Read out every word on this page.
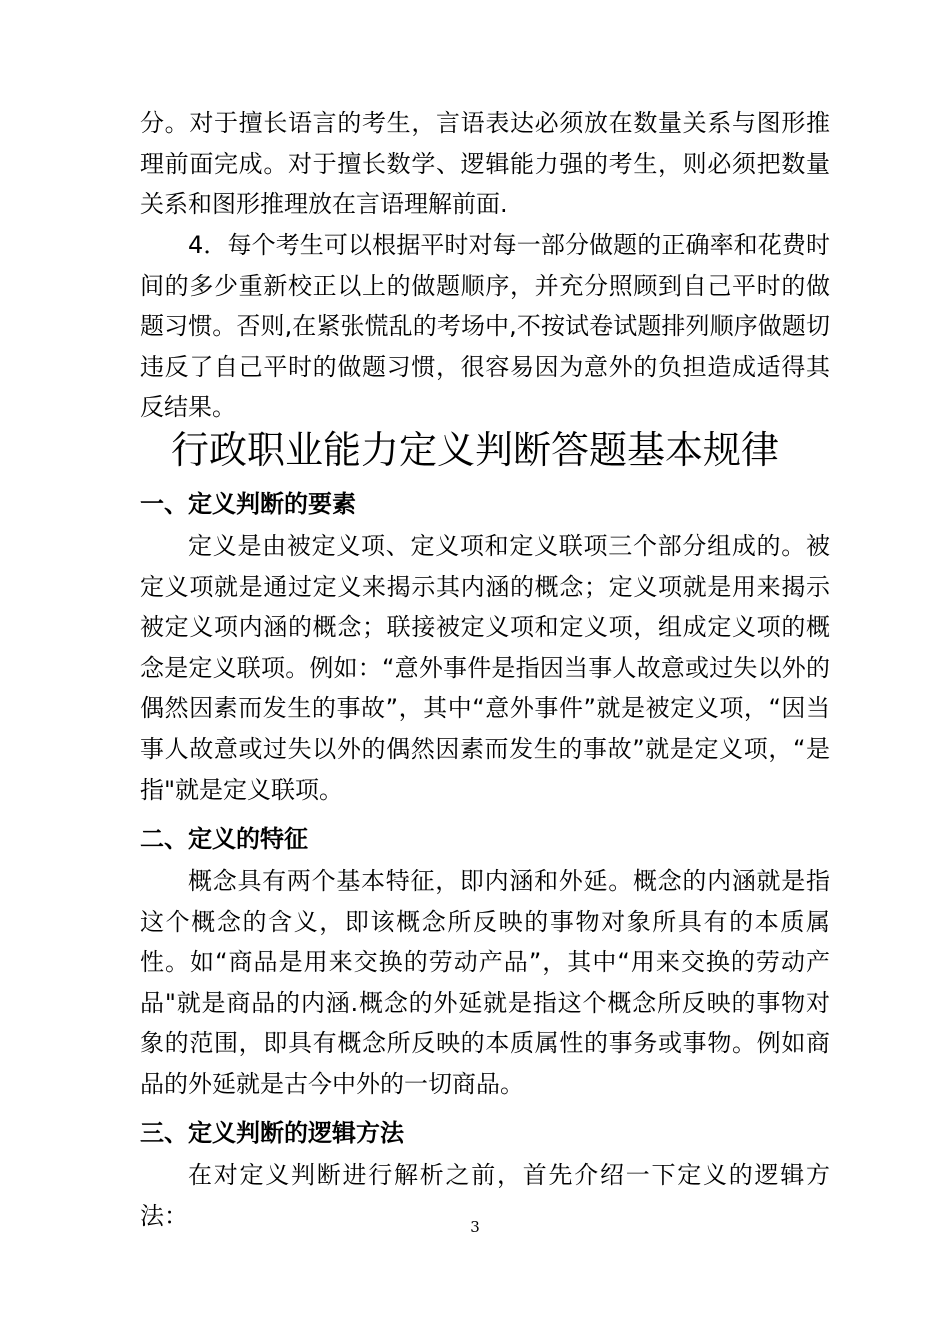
分。对于擅长语言的考生，言语表达必须放在数量关系与图形推理前面完成。对于擅长数学、逻辑能力强的考生，则必须把数量关系和图形推理放在言语理解前面.

4．每个考生可以根据平时对每一部分做题的正确率和花费时间的多少重新校正以上的做题顺序，并充分照顾到自己平时的做题习惯。否则,在紧张慌乱的考场中,不按试卷试题排列顺序做题切违反了自己平时的做题习惯，很容易因为意外的负担造成适得其反结果。

行政职业能力定义判断答题基本规律
一、定义判断的要素

定义是由被定义项、定义项和定义联项三个部分组成的。被定义项就是通过定义来揭示其内涵的概念；定义项就是用来揭示被定义项内涵的概念；联接被定义项和定义项，组成定义项的概念是定义联项。例如：“意外事件是指因当事人故意或过失以外的偶然因素而发生的事故”，其中“意外事件”就是被定义项，“因当事人故意或过失以外的偶然因素而发生的事故”就是定义项，“是指"就是定义联项。

二、定义的特征

概念具有两个基本特征，即内涵和外延。概念的内涵就是指这个概念的含义，即该概念所反映的事物对象所具有的本质属性。如“商品是用来交换的劳动产品”，其中“用来交换的劳动产品"就是商品的内涵.概念的外延就是指这个概念所反映的事物对象的范围，即具有概念所反映的本质属性的事务或事物。例如商品的外延就是古今中外的一切商品。

三、定义判断的逻辑方法

在对定义判断进行解析之前，首先介绍一下定义的逻辑方法：	3
